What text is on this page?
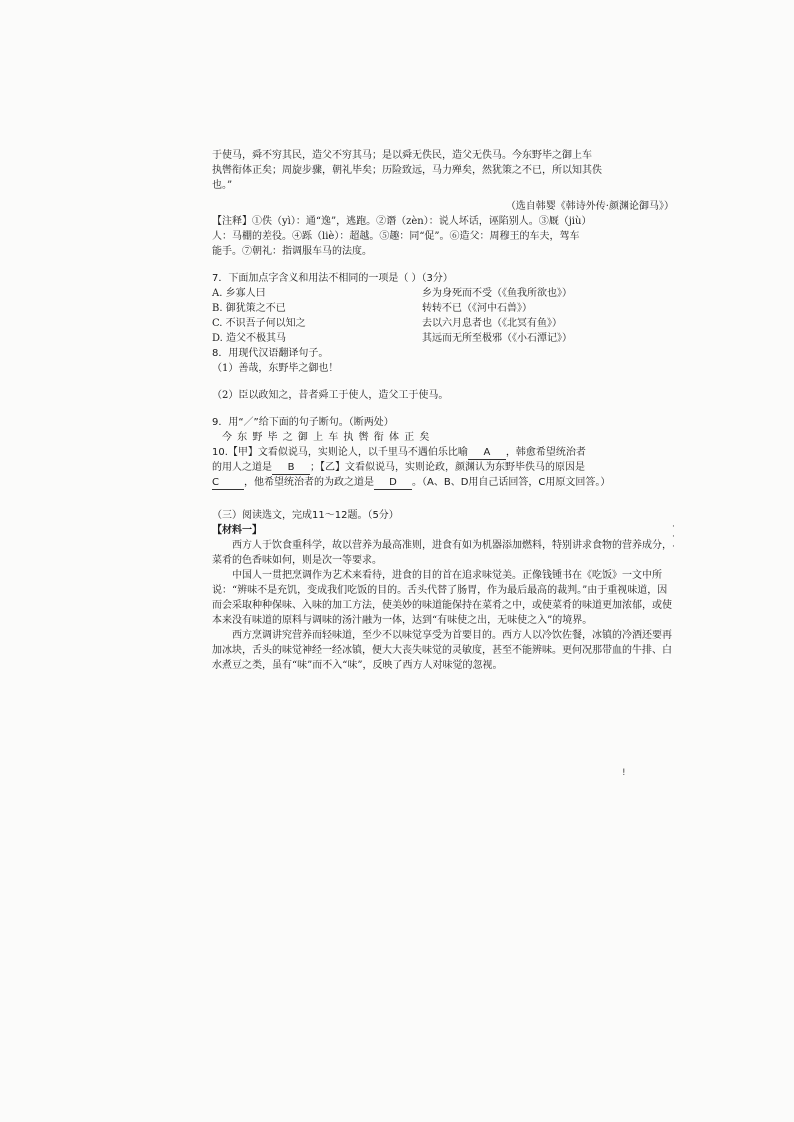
·
·
·
!

于使马，舜不穷其民，造父不穷其马；是以舜无佚民，造父无佚马。今东野毕之御上车

执辔衔体正矣；周旋步骤，朝礼毕矣；历险致远，马力殚矣，然犹策之不已，所以知其佚

也。”

（选自韩婴《韩诗外传·颜渊论御马》）

【注释】①佚（yì）：通“逸”，逃跑。②谮（zèn）：说人坏话，诬陷别人。③厩（jiù）

人：马棚的差役。④跞（liè）：超越。⑤趣：同“促”。⑥造父：周穆王的车夫，驾车

能手。⑦朝礼：指调服车马的法度。

7．下面加点字含义和用法不相同的一项是（ ）（3分）

A. 乡寡人曰	乡为身死而不受（《鱼我所欲也》）
B. 御犹策之不已	转转不已（《河中石兽》）
C. 不识吾子何以知之	去以六月息者也（《北冥有鱼》）
D. 造父不极其马	其远而无所至极邪（《小石潭记》）

8．用现代汉语翻译句子。

（1）善哉，东野毕之御也！

（2）臣以政知之，昔者舜工于使人，造父工于使马。

9．用“／”给下面的句子断句。（断两处）

今 东 野 毕 之 御 上 车 执 辔 衔 体 正 矣

10.【甲】文看似说马，实则论人，以千里马不遇伯乐比喻 A ，韩愈希望统治者

的用人之道是 B ；【乙】文看似说马，实则论政，颜渊认为东野毕佚马的原因是

C	，他希望统治者的为政之道是 D 。（A、B、D用自己话回答，C用原文回答。）

（三）阅读选文，完成11～12题。（5分）

【材料一】

西方人于饮食重科学，故以营养为最高准则，进食有如为机器添加燃料，特别讲求食物的营养成分，菜肴的色香味如何，则是次一等要求。

中国人一贯把烹调作为艺术来看待，进食的目的首在追求味觉美。正像钱锺书在《吃饭》一文中所说：“辨味不是充饥，变成我们吃饭的目的。舌头代替了肠胃，作为最后最高的裁判。”由于重视味道，因而会采取种种保味、入味的加工方法，使美妙的味道能保持在菜肴之中，或使菜肴的味道更加浓郁，或使本来没有味道的原料与调味的汤汁融为一体，达到“有味使之出，无味使之入”的境界。

西方烹调讲究营养而轻味道，至少不以味觉享受为首要目的。西方人以冷饮佐餐，冰镇的冷酒还要再加冰块，舌头的味觉神经一经冰镇，便大大丧失味觉的灵敏度，甚至不能辨味。更何况那带血的牛排、白水煮豆之类，虽有“味”而不入“味”，反映了西方人对味觉的忽视。
